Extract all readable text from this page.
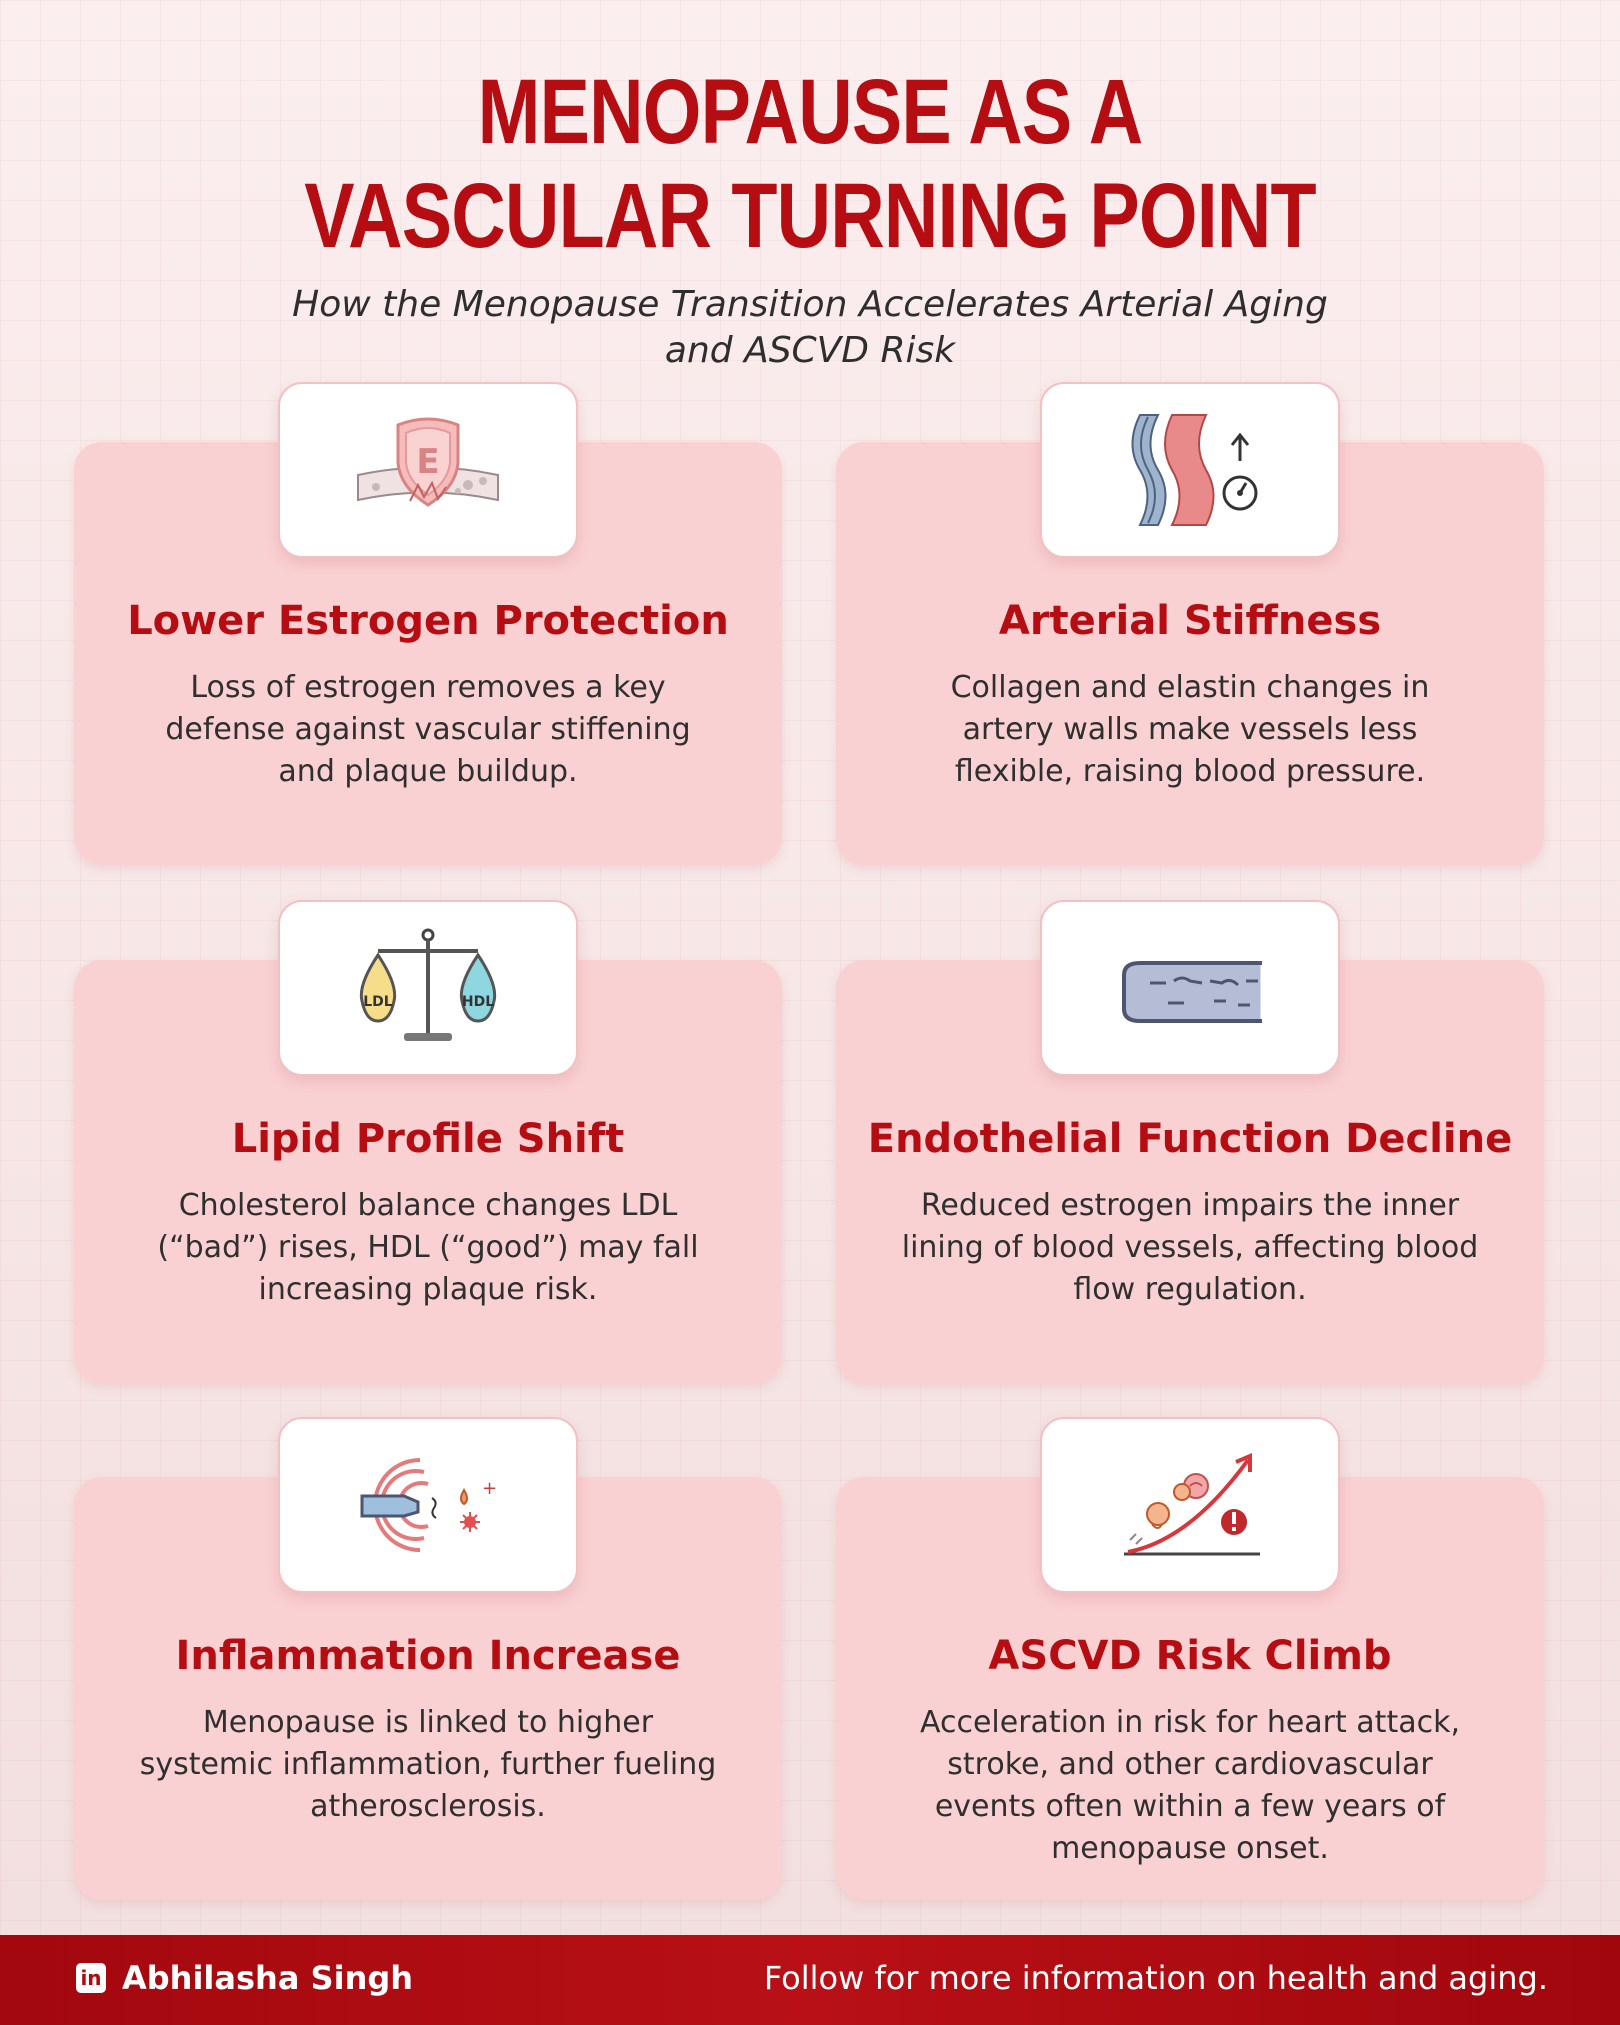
MENOPAUSE AS A
VASCULAR TURNING POINT

How the Menopause Transition Accelerates Arterial Aging and ASCVD Risk

Lower Estrogen Protection

Loss of estrogen removes a key defense against vascular stiffening and plaque buildup.

E
Arterial Stiffness

Collagen and elastin changes in artery walls make vessels less flexible, raising blood pressure.

Lipid Profile Shift

Cholesterol balance changes LDL (“bad”) rises, HDL (“good”) may fall increasing plaque risk.

LDL	HDL
Endothelial Function Decline

Reduced estrogen impairs the inner lining of blood vessels, affecting blood flow regulation.

Inflammation Increase

Menopause is linked to higher systemic inflammation, further fueling atherosclerosis.

+
ASCVD Risk Climb

Acceleration in risk for heart attack, stroke, and other cardiovascular events often within a few years of menopause onset.

in Abhilasha Singh	Follow for more information on health and aging.
